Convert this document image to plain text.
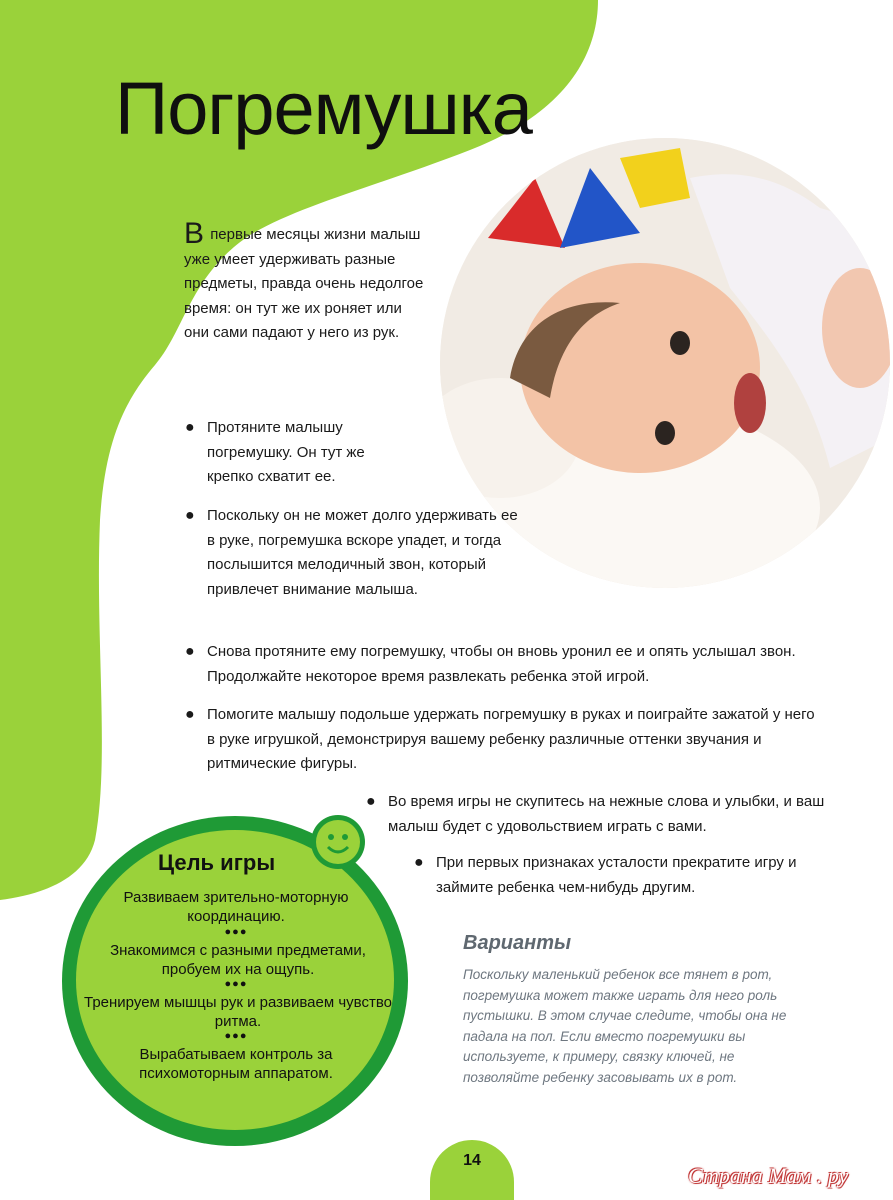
Погремушка

В первые месяцы жизни малыш уже умеет удерживать разные предметы, правда очень недолгое время: он тут же их роняет или они сами падают у него из рук.

● Протяните малышу погремушку. Он тут же крепко схватит ее.

● Поскольку он не может долго удерживать ее в руке, погремушка вскоре упадет, и тогда послышится мелодичный звон, который привлечет внимание малыша.

● Снова протяните ему погремушку, чтобы он вновь уронил ее и опять услышал звон. Продолжайте некоторое время развлекать ребенка этой игрой.

● Помогите малышу подольше удержать погремушку в руках и поиграйте зажатой у него в руке игрушкой, демонстрируя вашему ребенку различные оттенки звучания и ритмические фигуры.

● Во время игры не скупитесь на нежные слова и улыбки, и ваш малыш будет с удовольствием играть с вами.

● При первых признаках усталости прекратите игру и займите ребенка чем-нибудь другим.

Цель игры

Развиваем зрительно-моторную координацию.

●●●

Знакомимся с разными предметами, пробуем их на ощупь.

●●●

Тренируем мышцы рук и развиваем чувство ритма.

●●●

Вырабатываем контроль за психомоторным аппаратом.

Варианты

Поскольку маленький ребенок все тянет в рот, погремушка может также играть для него роль пустышки. В этом случае следите, чтобы она не падала на пол. Если вместо погремушки вы используете, к примеру, связку ключей, не позволяйте ребенку засовывать их в рот.

14

Страна Мам . ру
